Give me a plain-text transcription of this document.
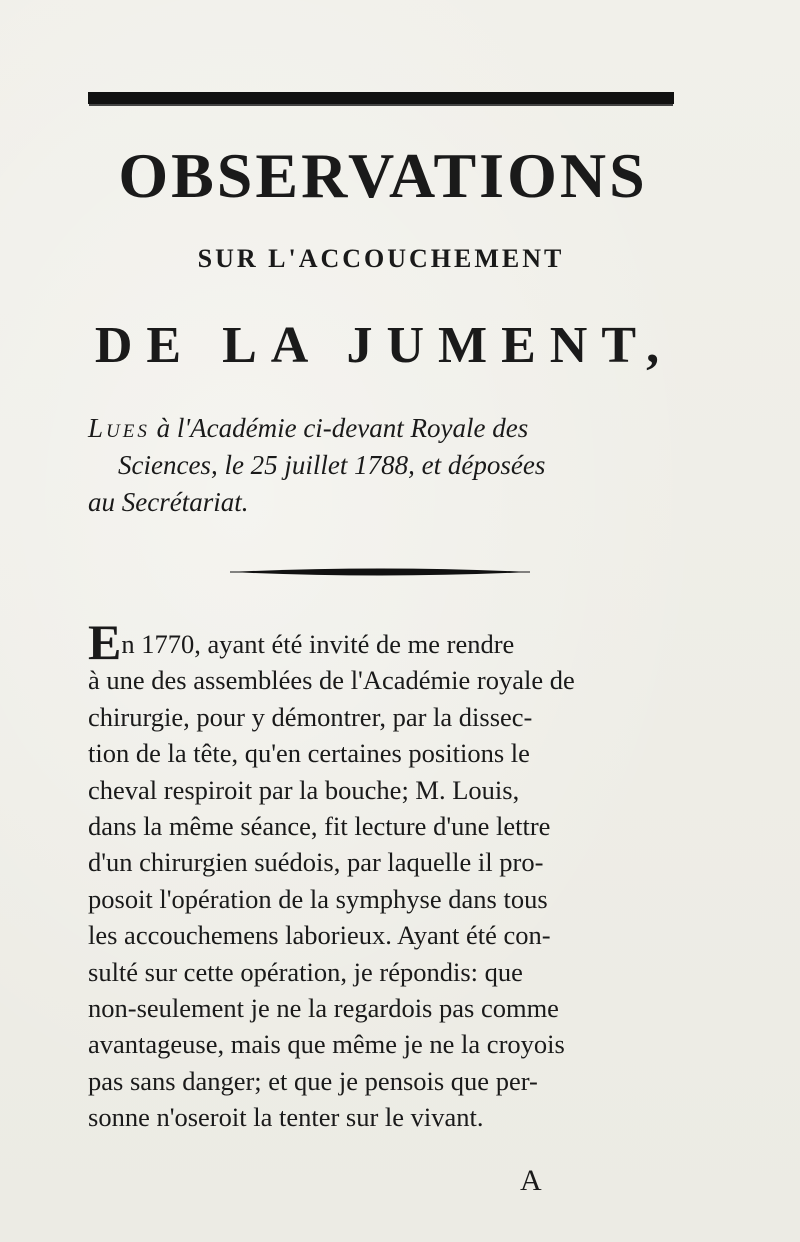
OBSERVATIONS
SUR L'ACCOUCHEMENT
DE LA JUMENT,
Lues à l'Académie ci-devant Royale des
Sciences, le 25 juillet 1788, et déposées
au Secrétariat.
En 1770, ayant été invité de me rendre
à une des assemblées de l'Académie royale de
chirurgie, pour y démontrer, par la dissec-
tion de la tête, qu'en certaines positions le
cheval respiroit par la bouche; M. Louis,
dans la même séance, fit lecture d'une lettre
d'un chirurgien suédois, par laquelle il pro-
posoit l'opération de la symphyse dans tous
les accouchemens laborieux. Ayant été con-
sulté sur cette opération, je répondis: que
non-seulement je ne la regardois pas comme
avantageuse, mais que même je ne la croyois
pas sans danger; et que je pensois que per-
sonne n'oseroit la tenter sur le vivant.
A
